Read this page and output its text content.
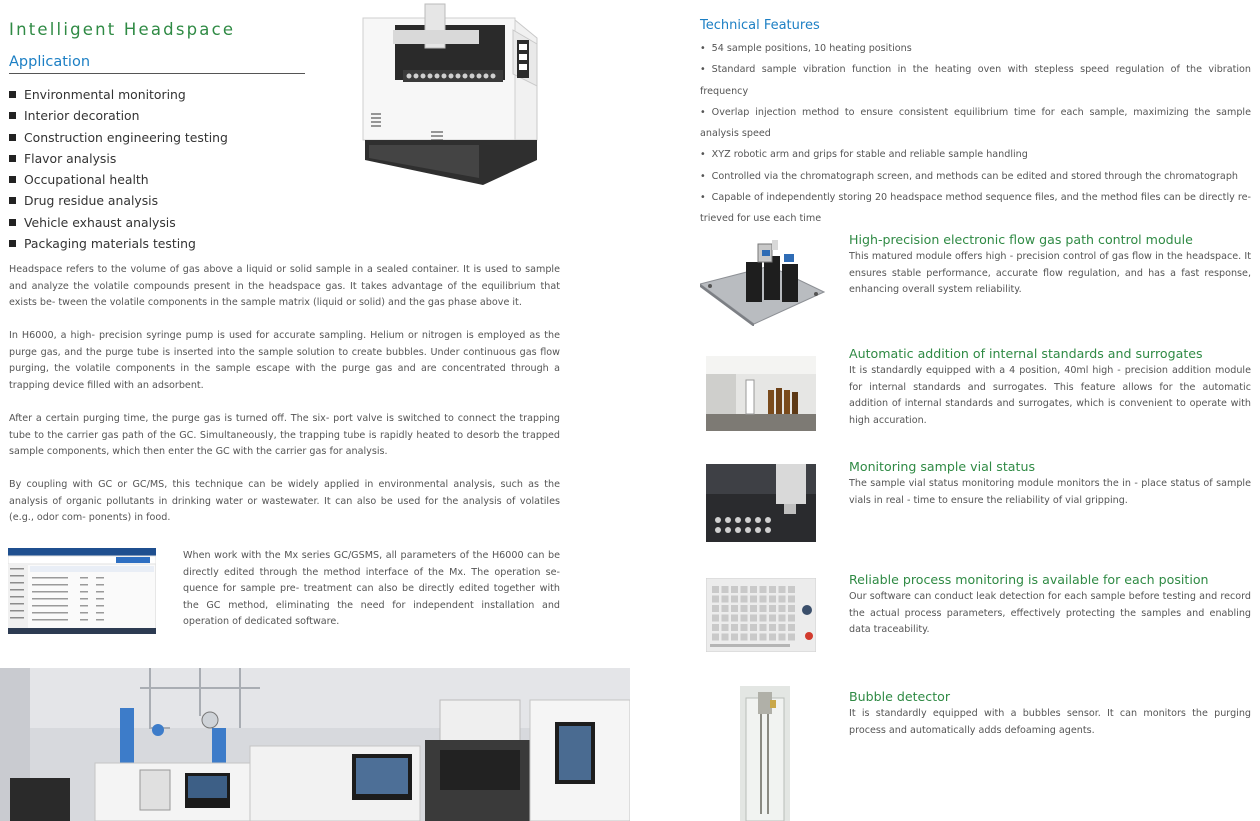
Intelligent Headspace
Application
Environmental monitoring
Interior decoration
Construction engineering testing
Flavor analysis
Occupational health
Drug residue analysis
Vehicle exhaust analysis
Packaging materials testing

Headspace refers to the volume of gas above a liquid or solid sample in a sealed container. It is used to sample and analyze the volatile compounds present in the headspace gas. It takes advantage of the equilibrium that exists be- tween the volatile components in the sample matrix (liquid or solid) and the gas phase above it.

In H6000, a high- precision syringe pump is used for accurate sampling. Helium or nitrogen is employed as the purge gas, and the purge tube is inserted into the sample solution to create bubbles. Under continuous gas flow purging, the volatile components in the sample escape with the purge gas and are concentrated through a trapping device filled with an adsorbent.

After a certain purging time, the purge gas is turned off. The six- port valve is switched to connect the trapping tube to the carrier gas path of the GC. Simultaneously, the trapping tube is rapidly heated to desorb the trapped sample components, which then enter the GC with the carrier gas for analysis.

By coupling with GC or GC/MS, this technique can be widely applied in environmental analysis, such as the analysis of organic pollutants in drinking water or wastewater. It can also be used for the analysis of volatiles (e.g., odor com- ponents) in food.

When work with the Mx series GC/GSMS, all parameters of the H6000 can be directly edited through the method interface of the Mx. The operation se- quence for sample pre- treatment can also be directly edited together with the GC method, eliminating the need for independent installation and operation of dedicated software.

Technical Features
• 54 sample positions, 10 heating positions
• Standard sample vibration function in the heating oven with stepless speed regulation of the vibration frequency
• Overlap injection method to ensure consistent equilibrium time for each sample, maximizing the sample analysis speed
• XYZ robotic arm and grips for stable and reliable sample handling
• Controlled via the chromatograph screen, and methods can be edited and stored through the chromatograph
• Capable of independently storing 20 headspace method sequence files, and the method files can be directly re- trieved for use each time
High-precision electronic flow gas path control module

This matured module offers high - precision control of gas flow in the headspace. It ensures stable performance, accurate flow regulation, and has a fast response, enhancing overall system reliability.

Automatic addition of internal standards and surrogates

It is standardly equipped with a 4 position, 40ml high - precision addition module for internal standards and surrogates. This feature allows for the automatic addition of internal standards and surrogates, which is convenient to operate with high accuration.

Monitoring sample vial status

The sample vial status monitoring module monitors the in - place status of sample vials in real - time to ensure the reliability of vial gripping.

Reliable process monitoring is available for each position

Our software can conduct leak detection for each sample before testing and record the actual process parameters, effectively protecting the samples and enabling data traceability.

Bubble detector

It is standardly equipped with a bubbles sensor. It can monitors the purging process and automatically adds defoaming agents.
